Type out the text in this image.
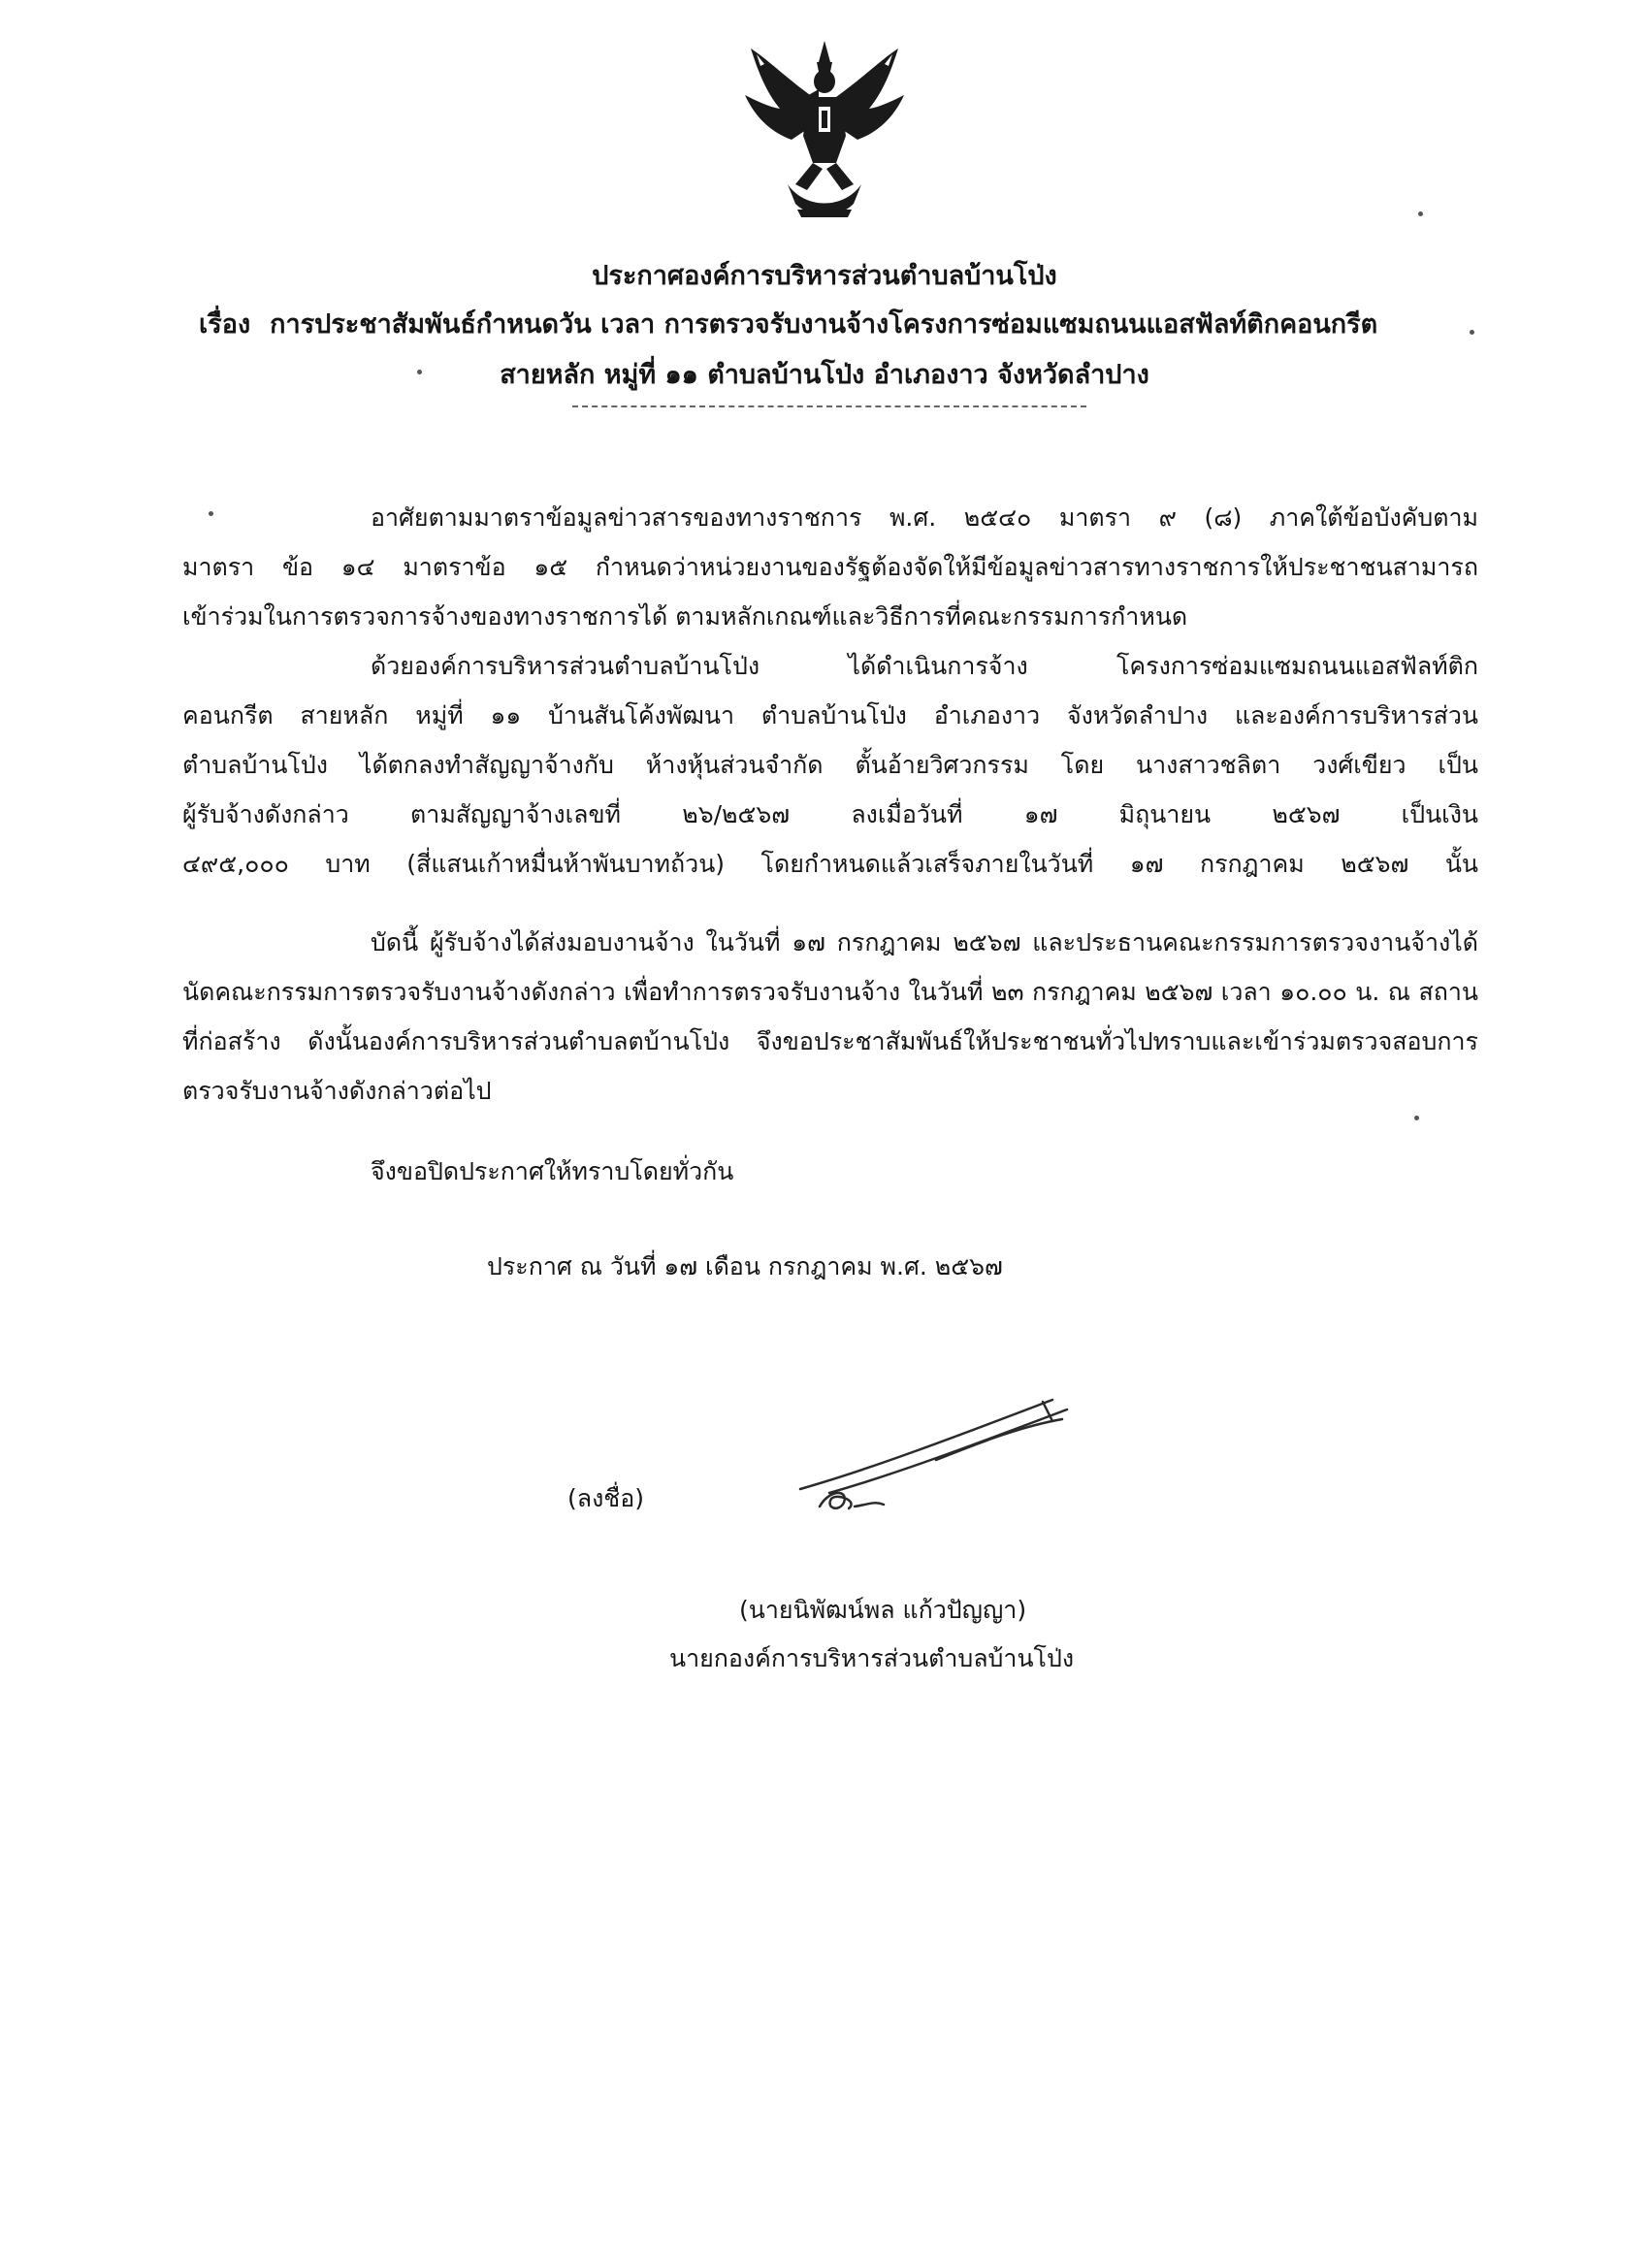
ประกาศองค์การบริหารส่วนตำบลบ้านโป่ง
เรื่อง การประชาสัมพันธ์กำหนดวัน เวลา การตรวจรับงานจ้างโครงการซ่อมแซมถนนแอสฟัลท์ติกคอนกรีต
สายหลัก หมู่ที่ ๑๑ ตำบลบ้านโป่ง อำเภองาว จังหวัดลำปาง
อาศัยตามมาตราข้อมูลข่าวสารของทางราชการ พ.ศ. ๒๕๔๐ มาตรา ๙ (๘) ภาคใต้ข้อบังคับตาม
มาตรา ข้อ ๑๔ มาตราข้อ ๑๕ กำหนดว่าหน่วยงานของรัฐต้องจัดให้มีข้อมูลข่าวสารทางราชการให้ประชาชนสามารถ
เข้าร่วมในการตรวจการจ้างของทางราชการได้ ตามหลักเกณฑ์และวิธีการที่คณะกรรมการกำหนด
ด้วยองค์การบริหารส่วนตำบลบ้านโป่ง ได้ดำเนินการจ้าง โครงการซ่อมแซมถนนแอสฟัลท์ติก
คอนกรีต สายหลัก หมู่ที่ ๑๑ บ้านสันโค้งพัฒนา ตำบลบ้านโป่ง อำเภองาว จังหวัดลำปาง และองค์การบริหารส่วน
ตำบลบ้านโป่ง ได้ตกลงทำสัญญาจ้างกับ ห้างหุ้นส่วนจำกัด ตั้นอ้ายวิศวกรรม โดย นางสาวชลิตา วงศ์เขียว เป็น
ผู้รับจ้างดังกล่าว ตามสัญญาจ้างเลขที่ ๒๖/๒๕๖๗ ลงเมื่อวันที่ ๑๗ มิถุนายน ๒๕๖๗ เป็นเงิน
๔๙๕,๐๐๐ บาท (สี่แสนเก้าหมื่นห้าพันบาทถ้วน) โดยกำหนดแล้วเสร็จภายในวันที่ ๑๗ กรกฎาคม ๒๕๖๗ นั้น
บัดนี้ ผู้รับจ้างได้ส่งมอบงานจ้าง ในวันที่ ๑๗ กรกฎาคม ๒๕๖๗ และประธานคณะกรรมการตรวจงานจ้างได้นัดคณะกรรมการตรวจรับงานจ้างดังกล่าว เพื่อทำการตรวจรับงานจ้าง ในวันที่ ๒๓ กรกฎาคม ๒๕๖๗ เวลา ๑๐.๐๐ น. ณ สถานที่ก่อสร้าง ดังนั้นองค์การบริหารส่วนตำบลตบ้านโป่ง จึงขอประชาสัมพันธ์ให้ประชาชนทั่วไปทราบและเข้าร่วมตรวจสอบการตรวจรับงานจ้างดังกล่าวต่อไป
จึงขอปิดประกาศให้ทราบโดยทั่วกัน
ประกาศ ณ วันที่ ๑๗ เดือน กรกฎาคม พ.ศ. ๒๕๖๗
(ลงชื่อ)
(นายนิพัฒน์พล แก้วปัญญา)
นายกองค์การบริหารส่วนตำบลบ้านโป่ง
